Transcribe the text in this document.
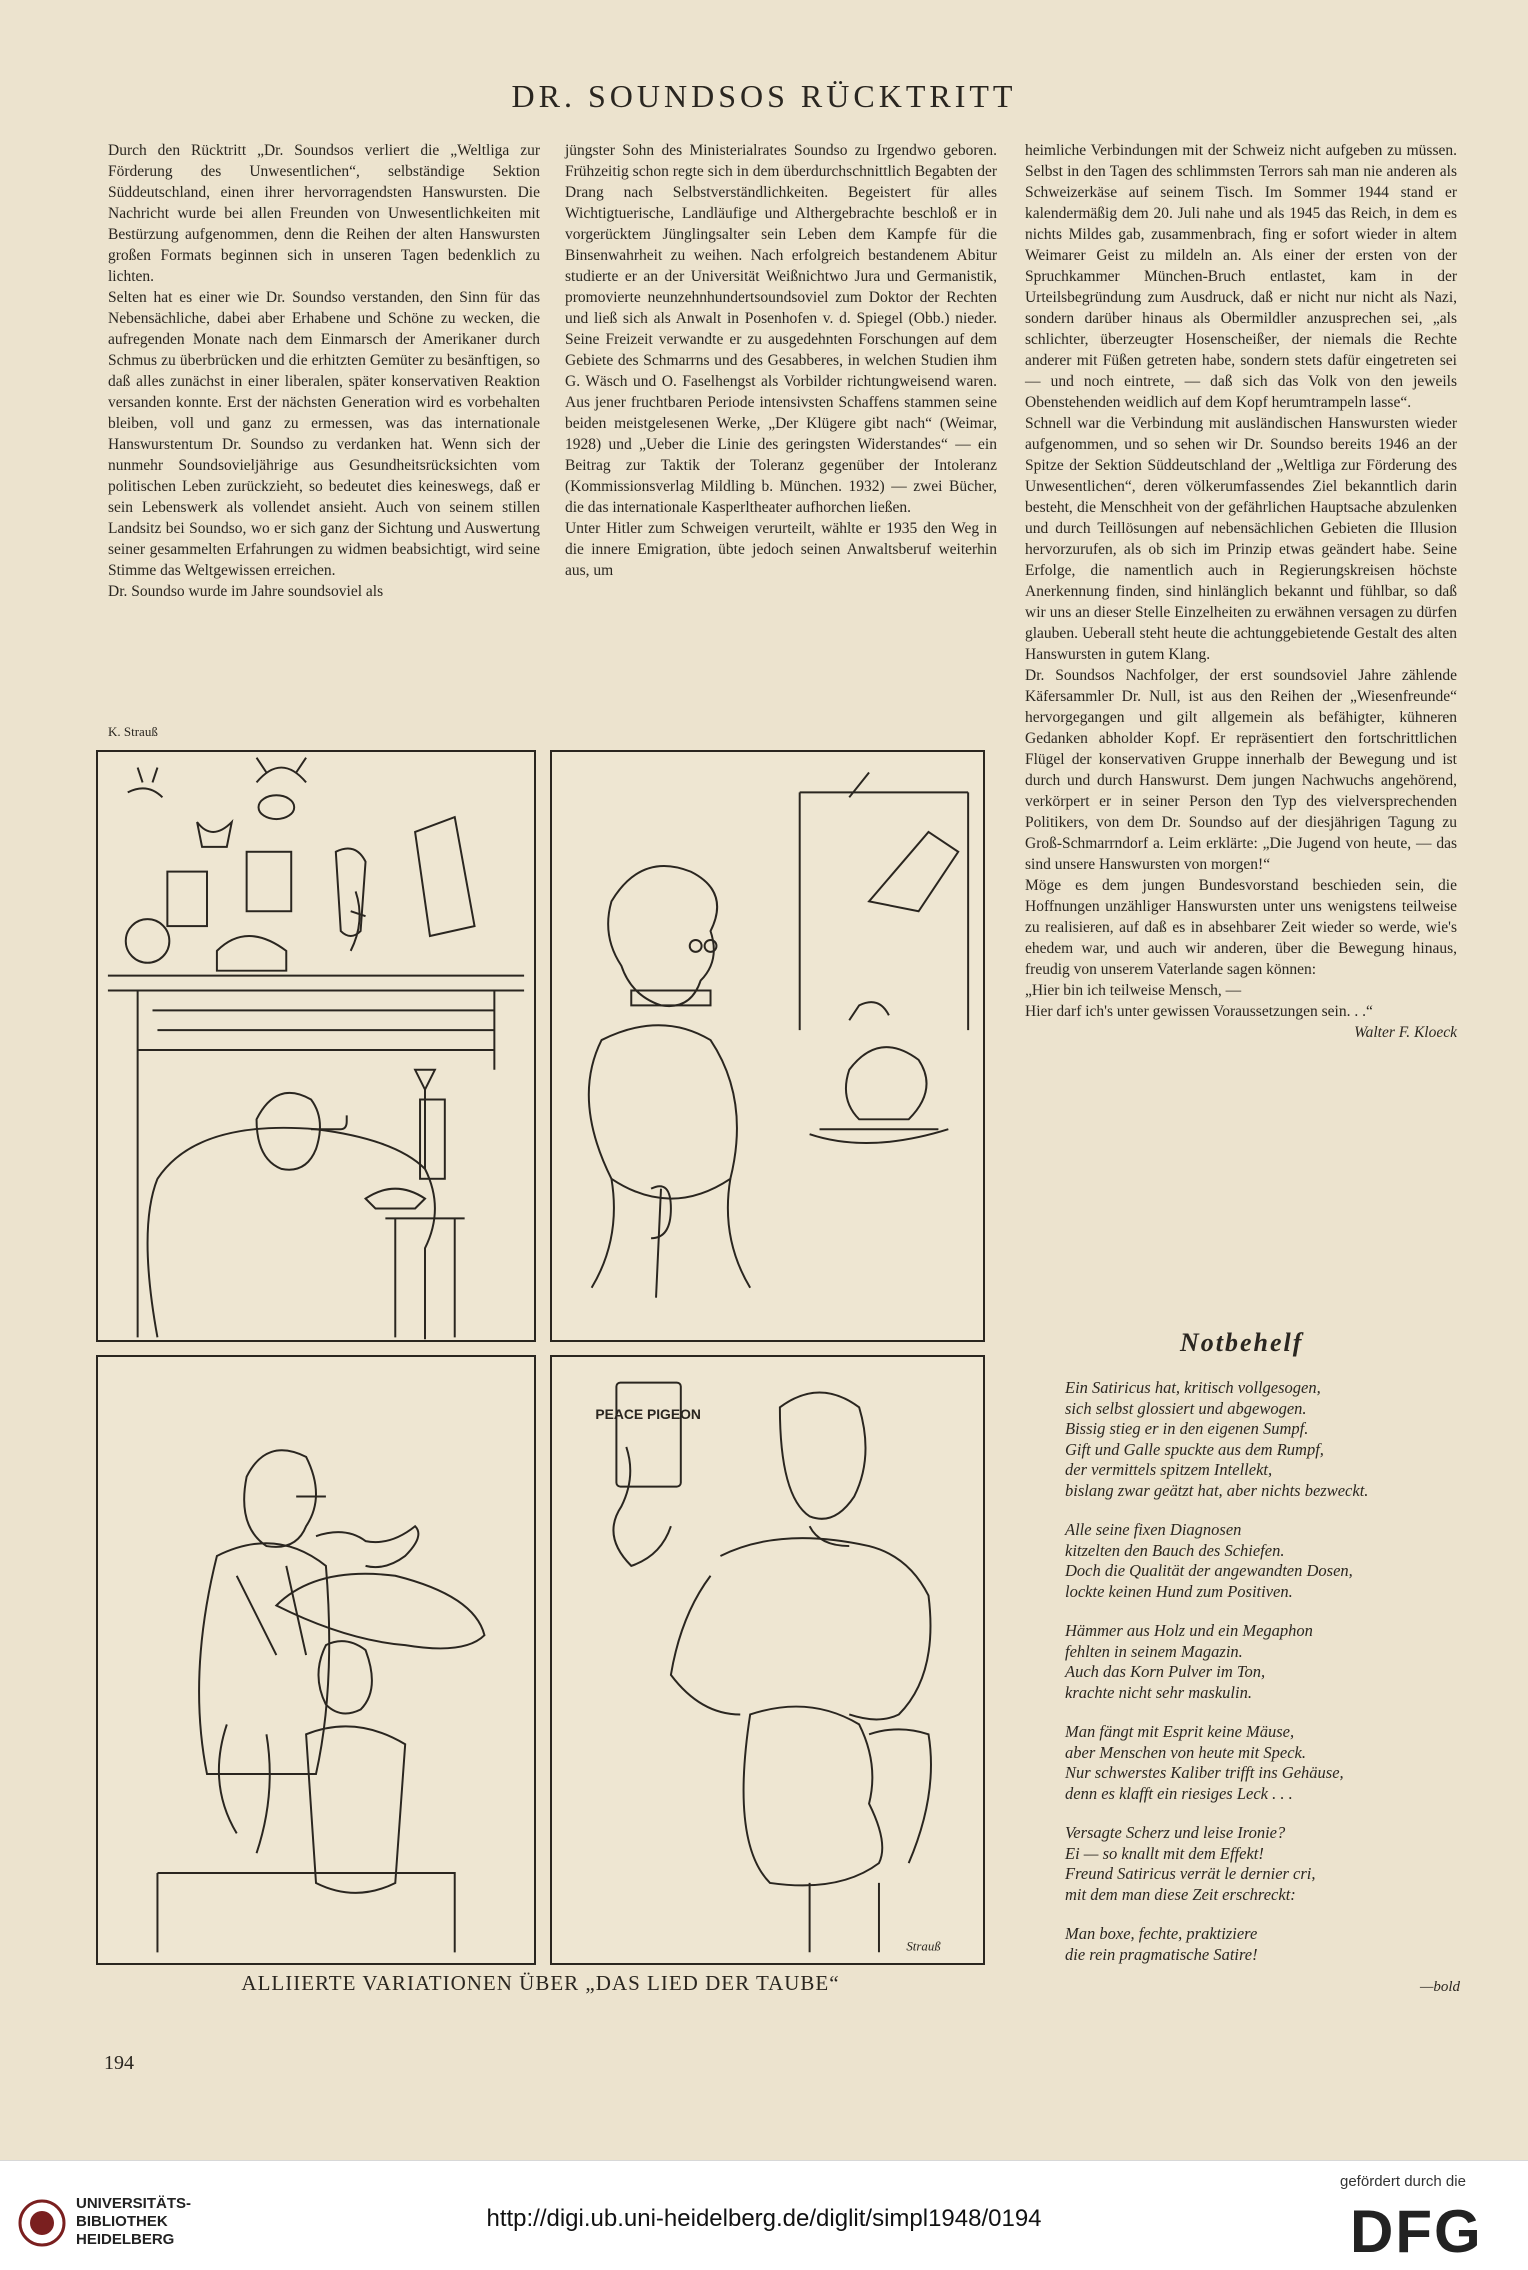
DR. SOUNDSOS RÜCKTRITT

Durch den Rücktritt „Dr. Soundsos verliert die „Weltliga zur Förderung des Unwesentlichen“, selbständige Sektion Süddeutschland, einen ihrer hervorragendsten Hanswursten. Die Nachricht wurde bei allen Freunden von Unwesentlichkeiten mit Bestürzung aufgenommen, denn die Reihen der alten Hanswursten großen Formats beginnen sich in unseren Tagen bedenklich zu lichten.

Selten hat es einer wie Dr. Soundso verstanden, den Sinn für das Nebensächliche, dabei aber Erhabene und Schöne zu wecken, die aufregenden Monate nach dem Einmarsch der Amerikaner durch Schmus zu überbrücken und die erhitzten Gemüter zu besänftigen, so daß alles zunächst in einer liberalen, später konservativen Reaktion versanden konnte. Erst der nächsten Generation wird es vorbehalten bleiben, voll und ganz zu ermessen, was das internationale Hanswurstentum Dr. Soundso zu verdanken hat. Wenn sich der nunmehr Soundsovieljährige aus Gesundheitsrücksichten vom politischen Leben zurückzieht, so bedeutet dies keineswegs, daß er sein Lebenswerk als vollendet ansieht. Auch von seinem stillen Landsitz bei Soundso, wo er sich ganz der Sichtung und Auswertung seiner gesammelten Erfahrungen zu widmen beabsichtigt, wird seine Stimme das Weltgewissen erreichen.

Dr. Soundso wurde im Jahre soundsoviel als

jüngster Sohn des Ministerialrates Soundso zu Irgendwo geboren. Frühzeitig schon regte sich in dem überdurchschnittlich Begabten der Drang nach Selbstverständlichkeiten. Begeistert für alles Wichtigtuerische, Landläufige und Althergebrachte beschloß er in vorgerücktem Jünglingsalter sein Leben dem Kampfe für die Binsenwahrheit zu weihen. Nach erfolgreich bestandenem Abitur studierte er an der Universität Weißnichtwo Jura und Germanistik, promovierte neunzehnhundertsoundsoviel zum Doktor der Rechten und ließ sich als Anwalt in Posenhofen v. d. Spiegel (Obb.) nieder. Seine Freizeit verwandte er zu ausgedehnten Forschungen auf dem Gebiete des Schmarrns und des Gesabberes, in welchen Studien ihm G. Wäsch und O. Faselhengst als Vorbilder richtungweisend waren. Aus jener fruchtbaren Periode intensivsten Schaffens stammen seine beiden meistgelesenen Werke, „Der Klügere gibt nach“ (Weimar, 1928) und „Ueber die Linie des geringsten Widerstandes“ — ein Beitrag zur Taktik der Toleranz gegenüber der Intoleranz (Kommissionsverlag Mildling b. München. 1932) — zwei Bücher, die das internationale Kasperltheater aufhorchen ließen.

Unter Hitler zum Schweigen verurteilt, wählte er 1935 den Weg in die innere Emigration, übte jedoch seinen Anwaltsberuf weiterhin aus, um

heimliche Verbindungen mit der Schweiz nicht aufgeben zu müssen. Selbst in den Tagen des schlimmsten Terrors sah man nie anderen als Schweizerkäse auf seinem Tisch. Im Sommer 1944 stand er kalendermäßig dem 20. Juli nahe und als 1945 das Reich, in dem es nichts Mildes gab, zusammenbrach, fing er sofort wieder in altem Weimarer Geist zu mildeln an. Als einer der ersten von der Spruchkammer München-Bruch entlastet, kam in der Urteilsbegründung zum Ausdruck, daß er nicht nur nicht als Nazi, sondern darüber hinaus als Obermildler anzusprechen sei, „als schlichter, überzeugter Hosenscheißer, der niemals die Rechte anderer mit Füßen getreten habe, sondern stets dafür eingetreten sei — und noch eintrete, — daß sich das Volk von den jeweils Obenstehenden weidlich auf dem Kopf herumtrampeln lasse“.

Schnell war die Verbindung mit ausländischen Hanswursten wieder aufgenommen, und so sehen wir Dr. Soundso bereits 1946 an der Spitze der Sektion Süddeutschland der „Weltliga zur Förderung des Unwesentlichen“, deren völkerumfassendes Ziel bekanntlich darin besteht, die Menschheit von der gefährlichen Hauptsache abzulenken und durch Teillösungen auf nebensächlichen Gebieten die Illusion hervorzurufen, als ob sich im Prinzip etwas geändert habe. Seine Erfolge, die namentlich auch in Regierungskreisen höchste Anerkennung finden, sind hinlänglich bekannt und fühlbar, so daß wir uns an dieser Stelle Einzelheiten zu erwähnen versagen zu dürfen glauben. Ueberall steht heute die achtunggebietende Gestalt des alten Hanswursten in gutem Klang.

Dr. Soundsos Nachfolger, der erst soundsoviel Jahre zählende Käfersammler Dr. Null, ist aus den Reihen der „Wiesenfreunde“ hervorgegangen und gilt allgemein als befähigter, kühneren Gedanken abholder Kopf. Er repräsentiert den fortschrittlichen Flügel der konservativen Gruppe innerhalb der Bewegung und ist durch und durch Hanswurst. Dem jungen Nachwuchs angehörend, verkörpert er in seiner Person den Typ des vielversprechenden Politikers, von dem Dr. Soundso auf der diesjährigen Tagung zu Groß-Schmarrndorf a. Leim erklärte: „Die Jugend von heute, — das sind unsere Hanswursten von morgen!“

Möge es dem jungen Bundesvorstand beschieden sein, die Hoffnungen unzähliger Hanswursten unter uns wenigstens teilweise zu realisieren, auf daß es in absehbarer Zeit wieder so werde, wie's ehedem war, und auch wir anderen, über die Bewegung hinaus, freudig von unserem Vaterlande sagen können:

„Hier bin ich teilweise Mensch, —

Hier darf ich's unter gewissen Voraussetzungen sein. . .“

Walter F. Kloeck

K. Strauß
PEACE PIGEON
Strauß
ALLIIERTE VARIATIONEN ÜBER „DAS LIED DER TAUBE“
Notbehelf
Ein Satiricus hat, kritisch vollgesogen,
sich selbst glossiert und abgewogen.
Bissig stieg er in den eigenen Sumpf.
Gift und Galle spuckte aus dem Rumpf,
der vermittels spitzem Intellekt,
bislang zwar geätzt hat, aber nichts bezweckt.
Alle seine fixen Diagnosen
kitzelten den Bauch des Schiefen.
Doch die Qualität der angewandten Dosen,
lockte keinen Hund zum Positiven.
Hämmer aus Holz und ein Megaphon
fehlten in seinem Magazin.
Auch das Korn Pulver im Ton,
krachte nicht sehr maskulin.
Man fängt mit Esprit keine Mäuse,
aber Menschen von heute mit Speck.
Nur schwerstes Kaliber trifft ins Gehäuse,
denn es klafft ein riesiges Leck . . .
Versagte Scherz und leise Ironie?
Ei — so knallt mit dem Effekt!
Freund Satiricus verrät le dernier cri,
mit dem man diese Zeit erschreckt:
Man boxe, fechte, praktiziere
die rein pragmatische Satire!
—bold
194
UNIVERSITÄTS-
BIBLIOTHEK
HEIDELBERG
http://digi.ub.uni-heidelberg.de/diglit/simpl1948/0194
gefördert durch die
DFG
